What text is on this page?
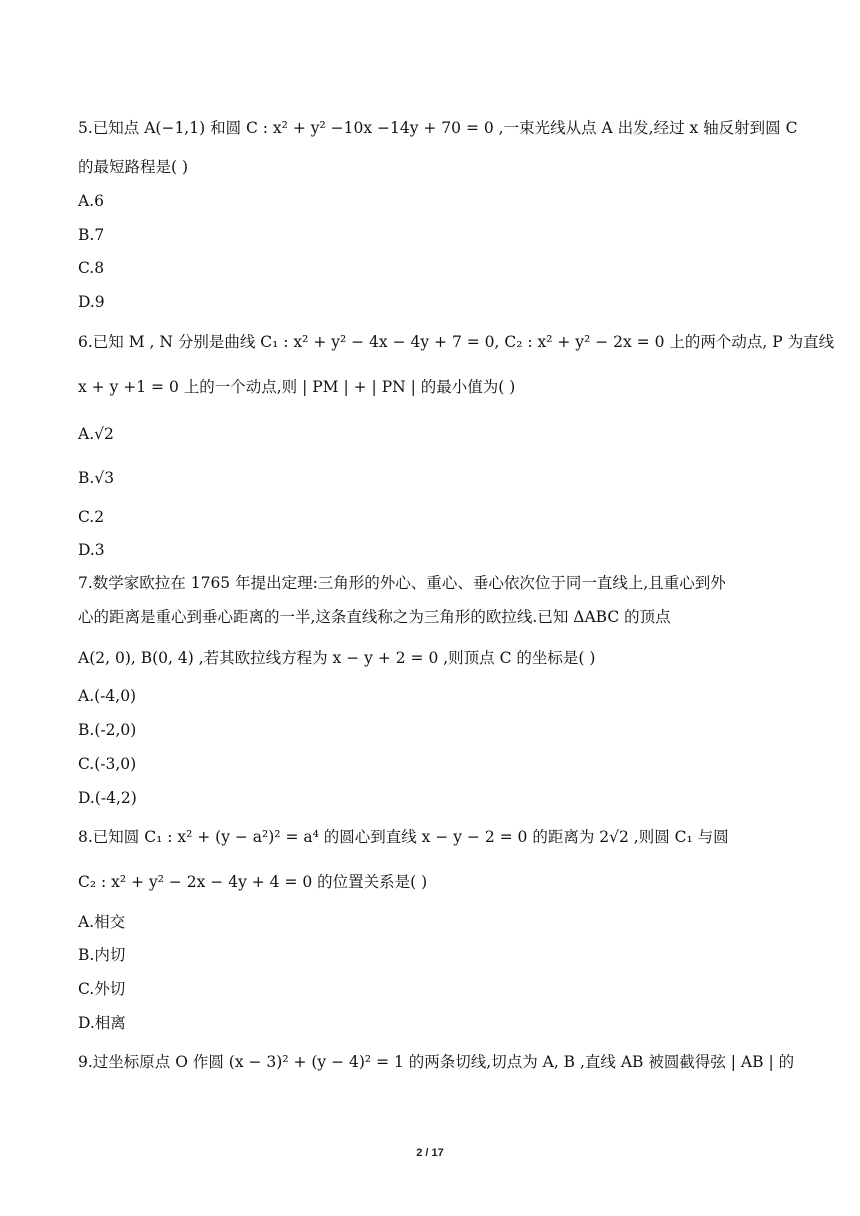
5.已知点 A(−1,1) 和圆 C : x² + y² −10x −14y + 70 = 0 ,一束光线从点 A 出发,经过 x 轴反射到圆 C
的最短路程是( )
A.6
B.7
C.8
D.9
6.已知 M , N 分别是曲线 C₁ : x² + y² − 4x − 4y + 7 = 0, C₂ : x² + y² − 2x = 0 上的两个动点, P 为直线
x + y +1 = 0 上的一个动点,则 | PM | + | PN | 的最小值为( )
A.√2
B.√3
C.2
D.3
7.数学家欧拉在 1765 年提出定理:三角形的外心、重心、垂心依次位于同一直线上,且重心到外
心的距离是重心到垂心距离的一半,这条直线称之为三角形的欧拉线.已知 ΔABC 的顶点
A(2, 0), B(0, 4) ,若其欧拉线方程为 x − y + 2 = 0 ,则顶点 C 的坐标是( )
A.(-4,0)
B.(-2,0)
C.(-3,0)
D.(-4,2)
8.已知圆 C₁ : x² + (y − a²)² = a⁴ 的圆心到直线 x − y − 2 = 0 的距离为 2√2 ,则圆 C₁ 与圆
C₂ : x² + y² − 2x − 4y + 4 = 0 的位置关系是( )
A.相交
B.内切
C.外切
D.相离
9.过坐标原点 O 作圆 (x − 3)² + (y − 4)² = 1 的两条切线,切点为 A, B ,直线 AB 被圆截得弦 | AB | 的
2 / 17
